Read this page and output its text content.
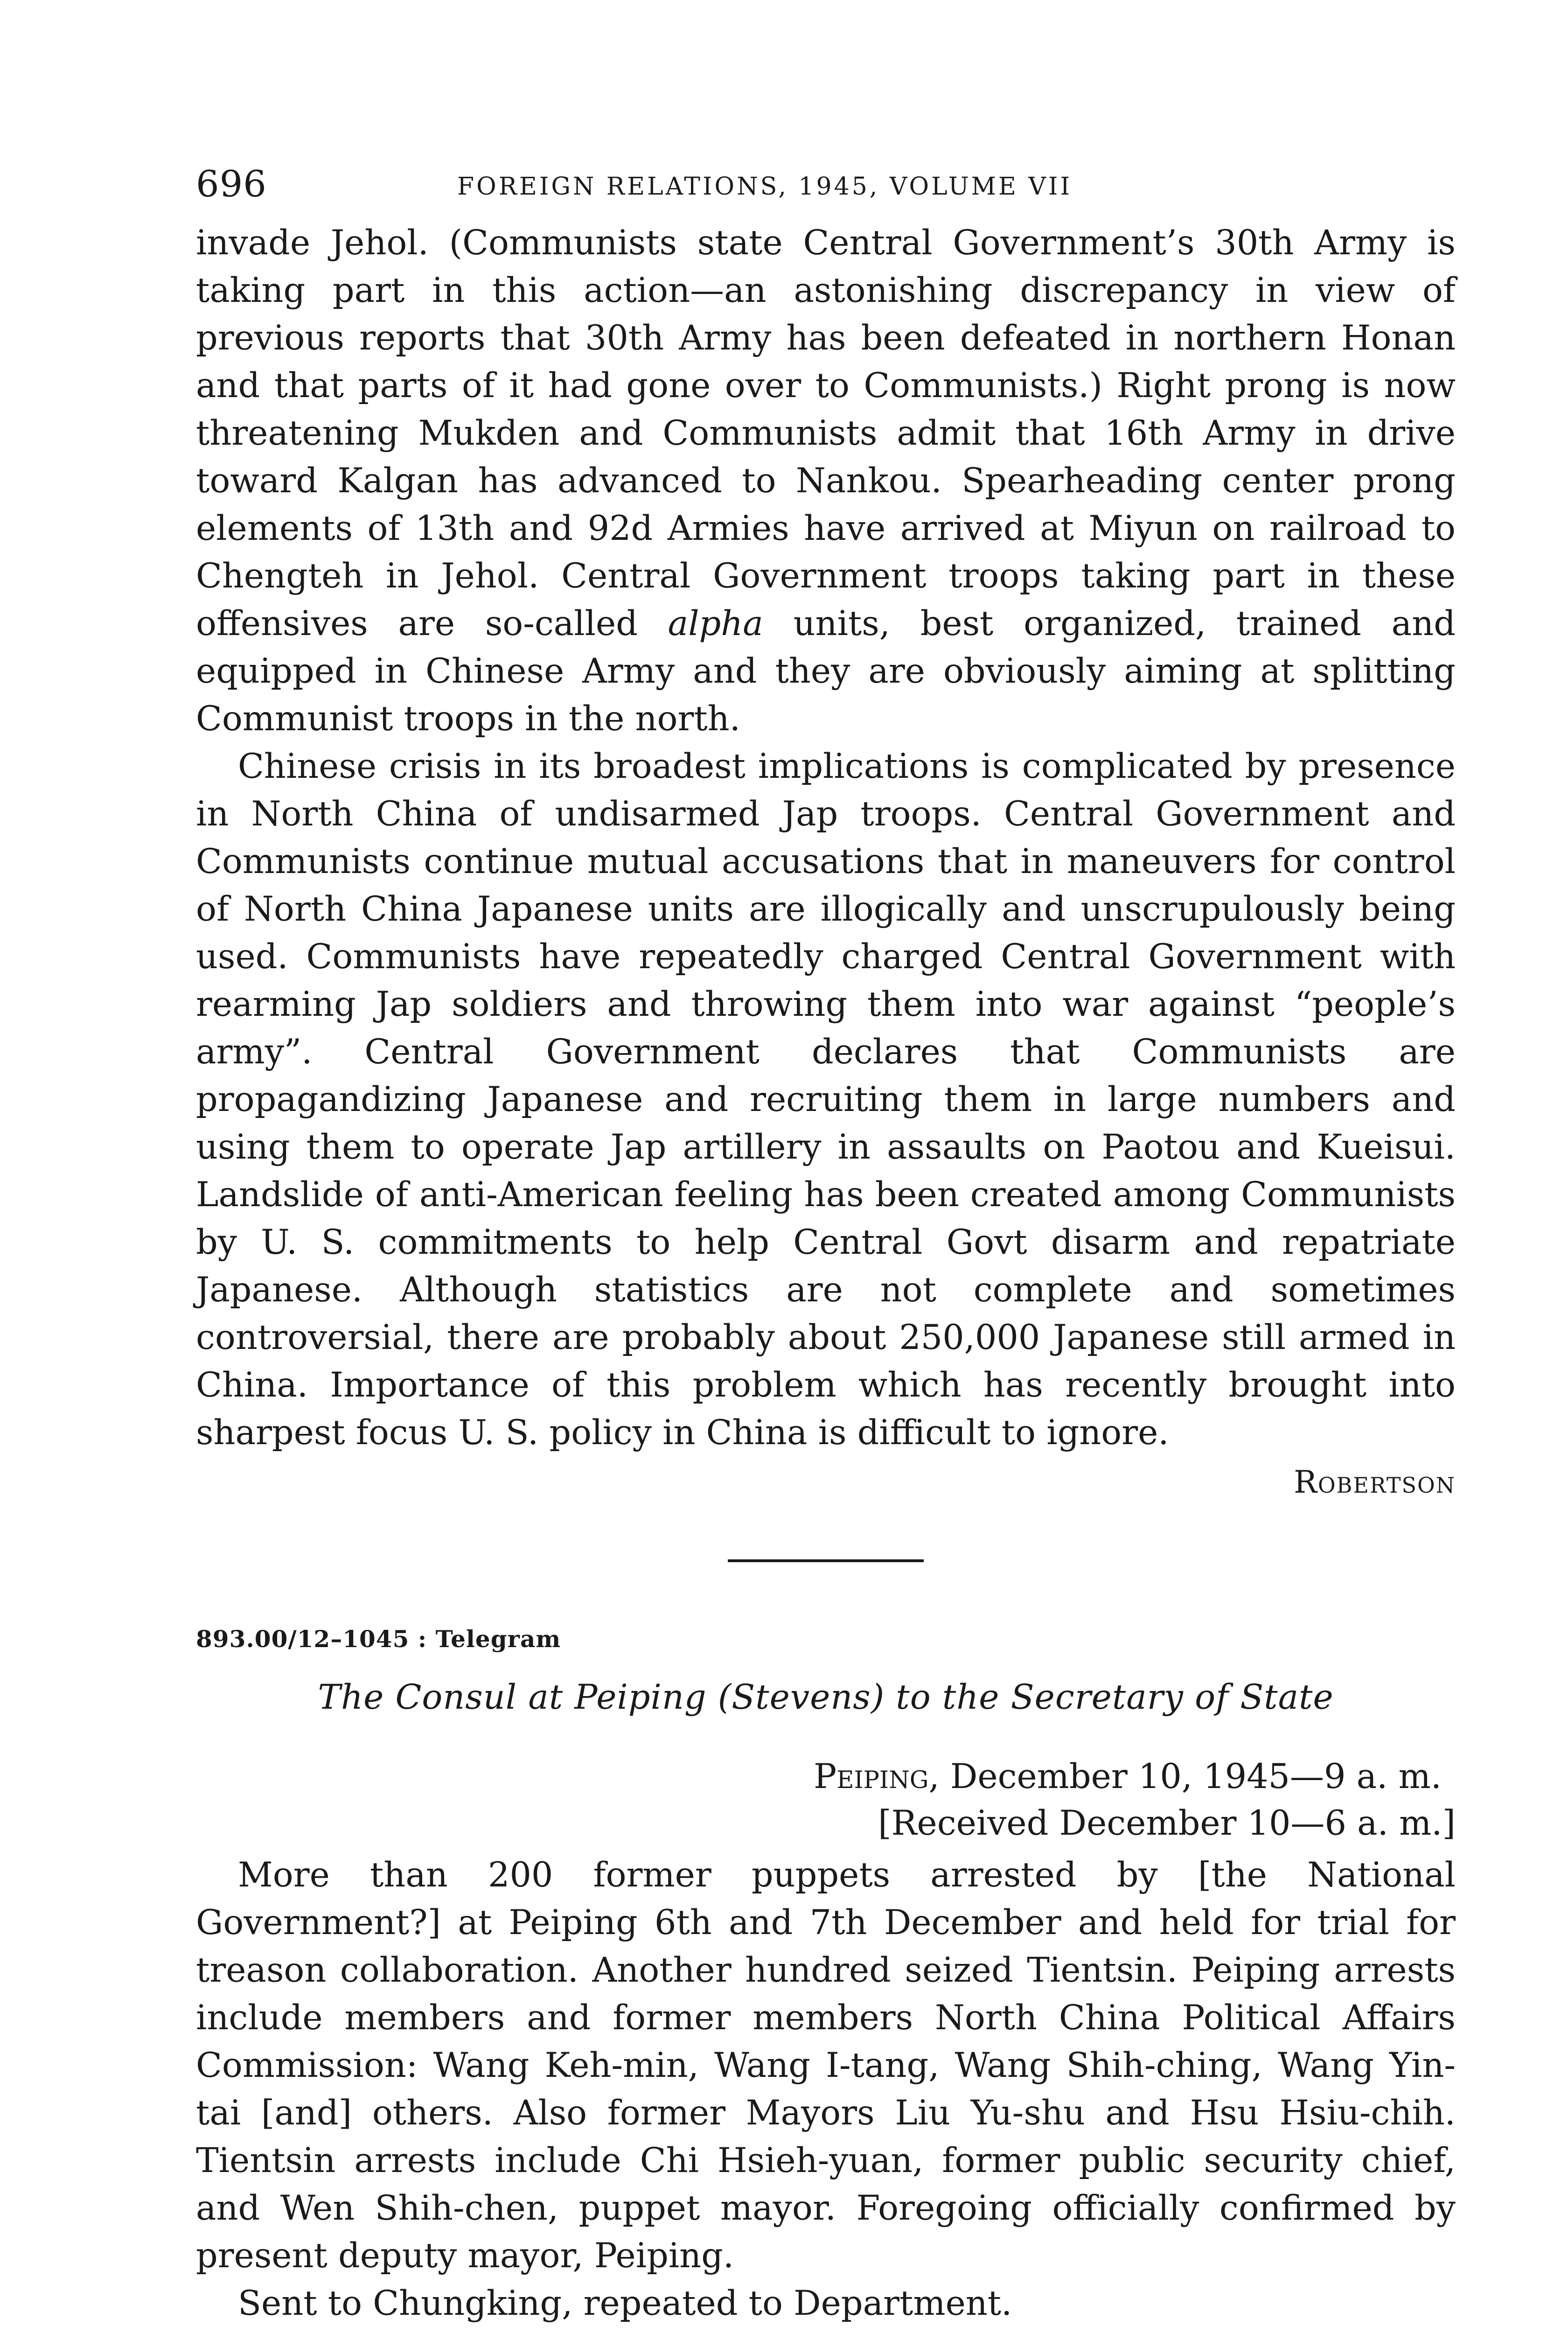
696	FOREIGN RELATIONS, 1945, VOLUME VII

invade Jehol. (Communists state Central Government’s 30th Army is taking part in this action—an astonishing discrepancy in view of previous reports that 30th Army has been defeated in northern Honan and that parts of it had gone over to Communists.) Right prong is now threatening Mukden and Communists admit that 16th Army in drive toward Kalgan has advanced to Nankou. Spearheading center prong elements of 13th and 92d Armies have arrived at Miyun on railroad to Chengteh in Jehol. Central Government troops taking part in these offensives are so-called alpha units, best organized, trained and equipped in Chinese Army and they are obviously aiming at splitting Communist troops in the north.

Chinese crisis in its broadest implications is complicated by presence in North China of undisarmed Jap troops. Central Government and Communists continue mutual accusations that in maneuvers for control of North China Japanese units are illogically and unscrupulously being used. Communists have repeatedly charged Central Government with rearming Jap soldiers and throwing them into war against “people’s army”. Central Government declares that Communists are propagandizing Japanese and recruiting them in large numbers and using them to operate Jap artillery in assaults on Paotou and Kueisui. Landslide of anti-American feeling has been created among Communists by U. S. commitments to help Central Govt disarm and repatriate Japanese. Although statistics are not complete and sometimes controversial, there are probably about 250,000 Japanese still armed in China. Importance of this problem which has recently brought into sharpest focus U. S. policy in China is difficult to ignore.

Robertson
893.00/12–1045 : Telegram
The Consul at Peiping (Stevens) to the Secretary of State
Peiping, December 10, 1945—9 a. m.
[Received December 10—6 a. m.]

More than 200 former puppets arrested by [the National Government?] at Peiping 6th and 7th December and held for trial for treason collaboration. Another hundred seized Tientsin. Peiping arrests include members and former members North China Political Affairs Commission: Wang Keh-min, Wang I-tang, Wang Shih-ching, Wang Yin-tai [and] others. Also former Mayors Liu Yu-shu and Hsu Hsiu-chih. Tientsin arrests include Chi Hsieh-yuan, former public security chief, and Wen Shih-chen, puppet mayor. Foregoing officially confirmed by present deputy mayor, Peiping.

Sent to Chungking, repeated to Department.
